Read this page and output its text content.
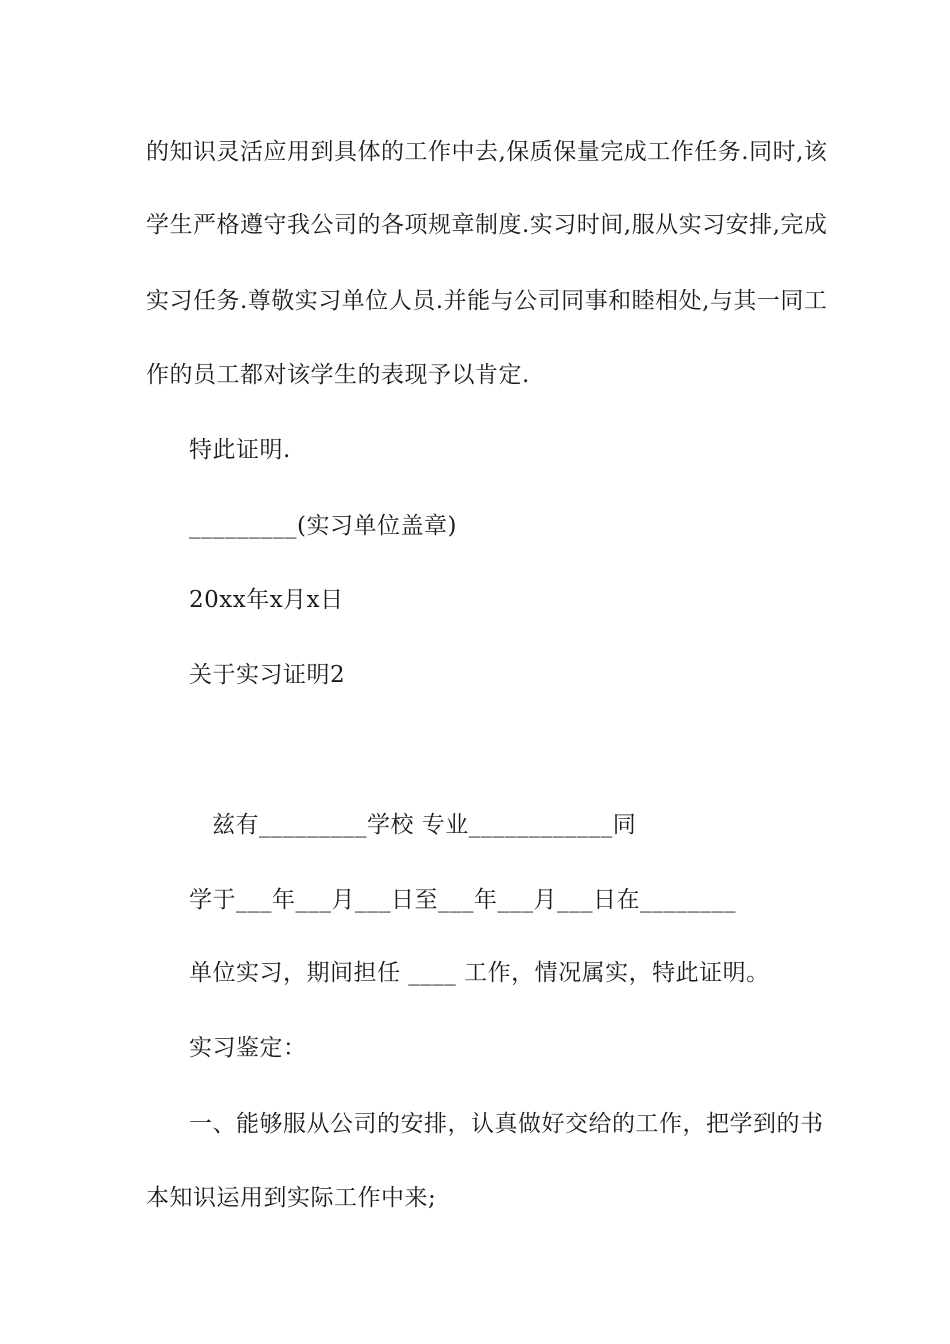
的知识灵活应用到具体的工作中去,保质保量完成工作任务.同时,该
学生严格遵守我公司的各项规章制度.实习时间,服从实习安排,完成
实习任务.尊敬实习单位人员.并能与公司同事和睦相处,与其一同工
作的员工都对该学生的表现予以肯定.
特此证明.
_________(实习单位盖章)
20xx年x月x日
关于实习证明2
兹有_________学校 专业____________同
学于___年___月___日至___年___月___日在________
单位实习，期间担任 ____ 工作，情况属实，特此证明。
实习鉴定：
一、能够服从公司的安排，认真做好交给的工作，把学到的书
本知识运用到实际工作中来;
